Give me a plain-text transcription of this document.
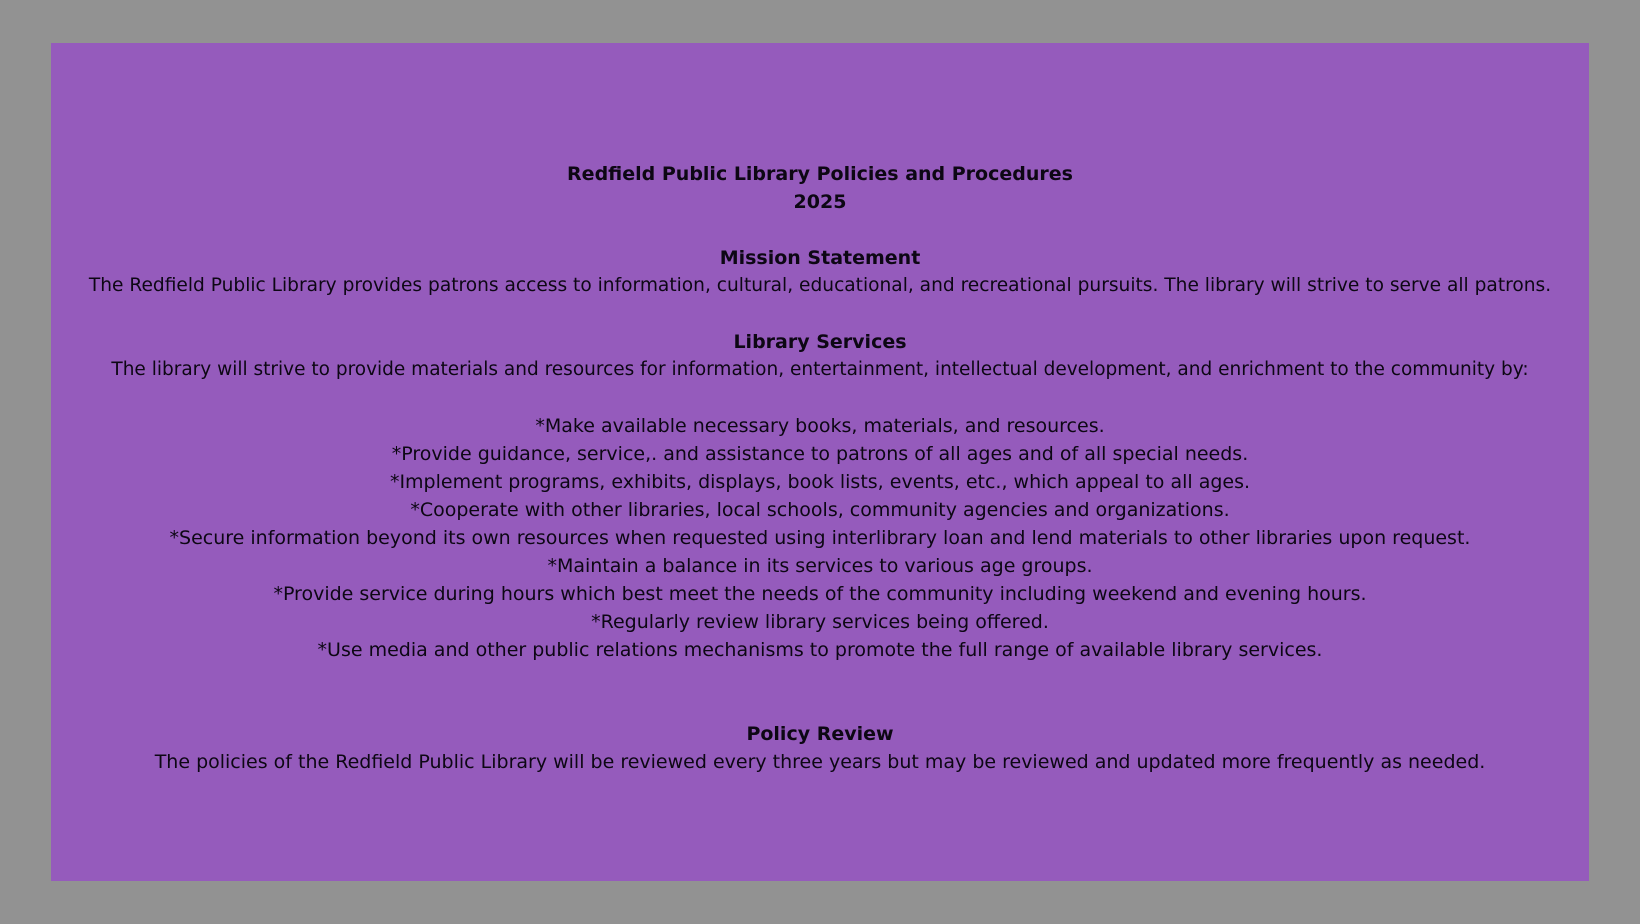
Redfield Public Library Policies and Procedures
2025
Mission Statement
The Redfield Public Library provides patrons access to information, cultural, educational, and recreational pursuits. The library will strive to serve all patrons.
Library Services
The library will strive to provide materials and resources for information, entertainment, intellectual development, and enrichment to the community by:
*Make available necessary books, materials, and resources.
*Provide guidance, service,. and assistance to patrons of all ages and of all special needs.
*Implement programs, exhibits, displays, book lists, events, etc., which appeal to all ages.
*Cooperate with other libraries, local schools, community agencies and organizations.
*Secure information beyond its own resources when requested using interlibrary loan and lend materials to other libraries upon request.
*Maintain a balance in its services to various age groups.
*Provide service during hours which best meet the needs of the community including weekend and evening hours.
*Regularly review library services being offered.
*Use media and other public relations mechanisms to promote the full range of available library services.
Policy Review
The policies of the Redfield Public Library will be reviewed every three years but may be reviewed and updated more frequently as needed.
